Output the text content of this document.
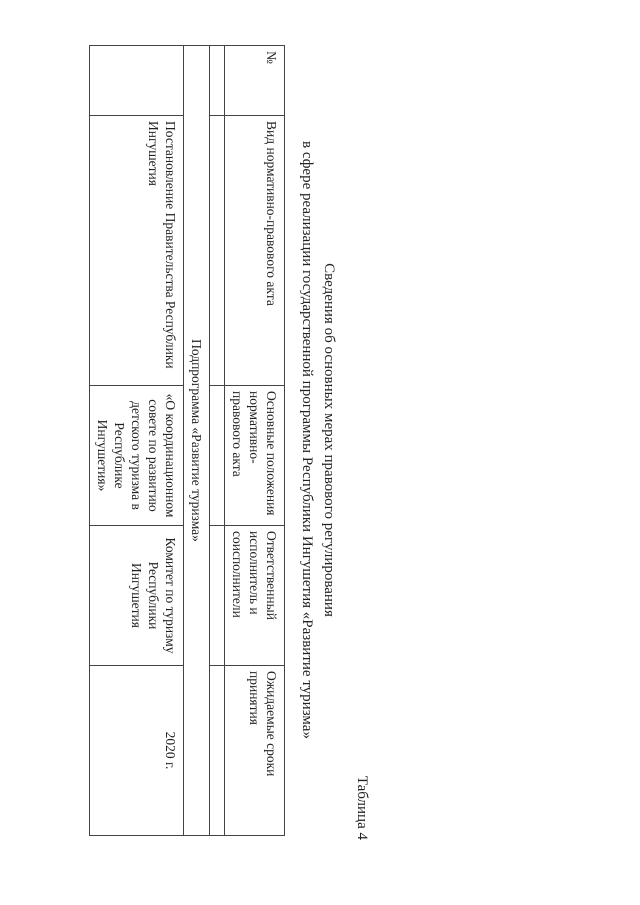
Таблица 4
Сведения об основных мерах правового регулирования
в сфере реализации государственной программы Республики Ингушетия «Развитие туризма»
№	Вид нормативно-правового акта	Основные положения нормативно-правового акта	Ответственный исполнитель и соисполнители	Ожидаемые сроки принятия

Подпрограмма «Развитие туризма»				
	Постановление Правительства Республики Ингушетия	«О координационном совете по развитию детского туризма в Республике Ингушетия»	Комитет по туризму Республики Ингушетия	2020 г.
